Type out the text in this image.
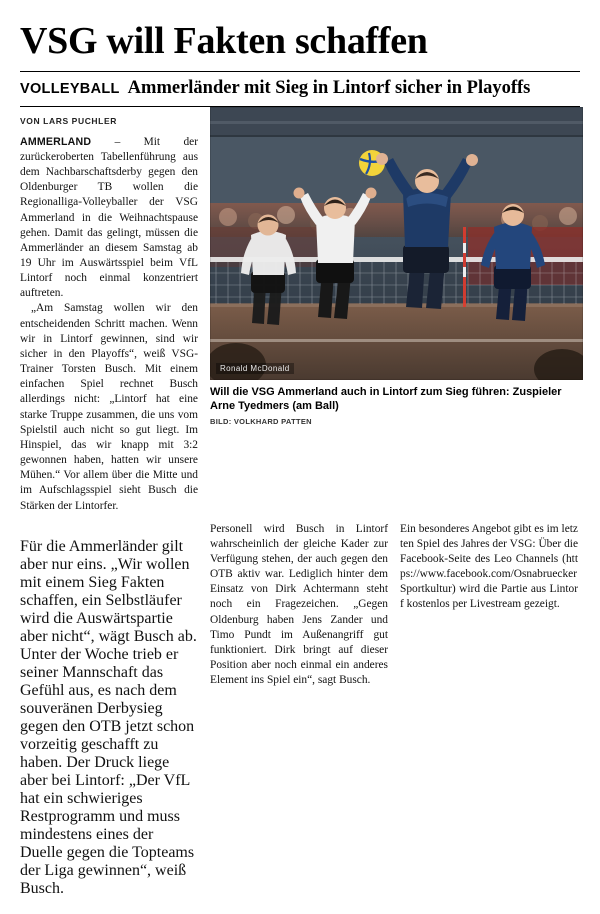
VSG will Fakten schaffen
VOLLEYBALL Ammerländer mit Sieg in Lintorf sicher in Playoffs
VON LARS PUCHLER

AMMERLAND – Mit der zurückeroberten Tabellenführung aus dem Nachbarschaftsderby gegen den Oldenburger TB wollen die Regionalliga-Volleyballer der VSG Ammerland in die Weihnachtspause gehen. Damit das gelingt, müssen die Ammerländer an diesem Samstag ab 19 Uhr im Auswärtsspiel beim VfL Lintorf noch einmal konzentriert auftreten.

„Am Samstag wollen wir den entscheidenden Schritt machen. Wenn wir in Lintorf gewinnen, sind wir sicher in den Playoffs“, weiß VSG-Trainer Torsten Busch. Mit einem einfachen Spiel rechnet Busch allerdings nicht: „Lintorf hat eine starke Truppe zusammen, die uns vom Spielstil auch nicht so gut liegt. Im Hinspiel, das wir knapp mit 3:2 gewonnen haben, hatten wir unsere Mühen.“ Vor allem über die Mitte und im Aufschlagsspiel sieht Busch die Stärken der Lintorfer.

Ronald McDonald
Will die VSG Ammerland auch in Lintorf zum Sieg führen: Zuspieler Arne Tyedmers (am Ball)
BILD: VOLKHARD PATTEN

Für die Ammerländer gilt aber nur eins. „Wir wollen mit einem Sieg Fakten schaffen, ein Selbstläufer wird die Auswärtspartie aber nicht“, wägt Busch ab. Unter der Woche trieb er seiner Mannschaft das Gefühl aus, es nach dem souveränen Derbysieg gegen den OTB jetzt schon vorzeitig geschafft zu haben. Der Druck liege aber bei Lintorf: „Der VfL hat ein schwieriges Restprogramm und muss mindestens eines der Duelle gegen die Topteams der Liga gewinnen“, weiß Busch.

Personell wird Busch in Lintorf wahrscheinlich der gleiche Kader zur Verfügung stehen, der auch gegen den OTB aktiv war. Lediglich hinter dem Einsatz von Dirk Achtermann steht noch ein Fragezeichen. „Gegen Oldenburg haben Jens Zander und Timo Pundt im Außenangriff gut funktioniert. Dirk bringt auf dieser Position aber noch einmal ein anderes Element ins Spiel ein“, sagt Busch.

Ein besonderes Angebot gibt es im letzten Spiel des Jahres der VSG: Über die Facebook-Seite des Leo Channels (https://www.facebook.com/OsnabrueckerSportkultur) wird die Partie aus Lintorf kostenlos per Livestream gezeigt.
